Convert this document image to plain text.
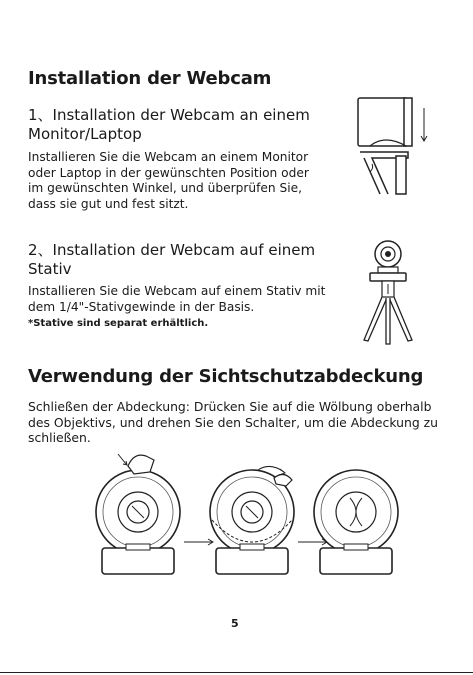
Installation der Webcam
1、Installation der Webcam an einem
Monitor/Laptop
Installieren Sie die Webcam an einem Monitor
oder Laptop in der gewünschten Position oder
im gewünschten Winkel, und überprüfen Sie,
dass sie gut und fest sitzt.
2、Installation der Webcam auf einem
Stativ
Installieren Sie die Webcam auf einem Stativ mit
dem 1/4"-Stativgewinde in der Basis.
*Stative sind separat erhältlich.
Verwendung der Sichtschutzabdeckung
Schließen der Abdeckung: Drücken Sie auf die Wölbung oberhalb
des Objektivs, und drehen Sie den Schalter, um die Abdeckung zu
schließen.
5
